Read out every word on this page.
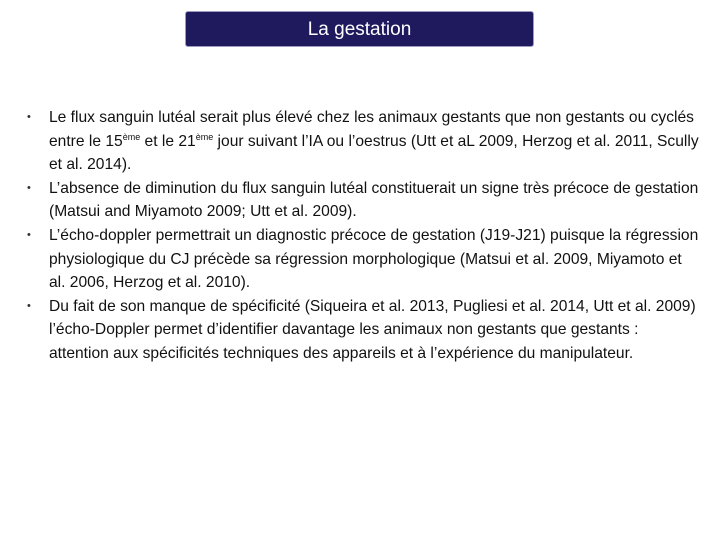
La gestation
• Le flux sanguin lutéal serait plus élevé chez les animaux gestants que non gestants ou cyclés entre le 15ème et le 21ème jour suivant l’IA ou l’oestrus (Utt et aL 2009, Herzog et al. 2011, Scully et al. 2014).
• L’absence de diminution du flux sanguin lutéal constituerait un signe très précoce de gestation (Matsui and Miyamoto 2009; Utt et al. 2009).
• L’écho-doppler permettrait un diagnostic précoce de gestation (J19-J21) puisque la régression physiologique du CJ précède sa régression morphologique (Matsui et al. 2009, Miyamoto et al. 2006, Herzog et al. 2010).
• Du fait de son manque de spécificité (Siqueira et al. 2013, Pugliesi et al. 2014, Utt et al. 2009) l’écho-Doppler permet d’identifier davantage les animaux non gestants que gestants : attention aux spécificités techniques des appareils et à l’expérience du manipulateur.
